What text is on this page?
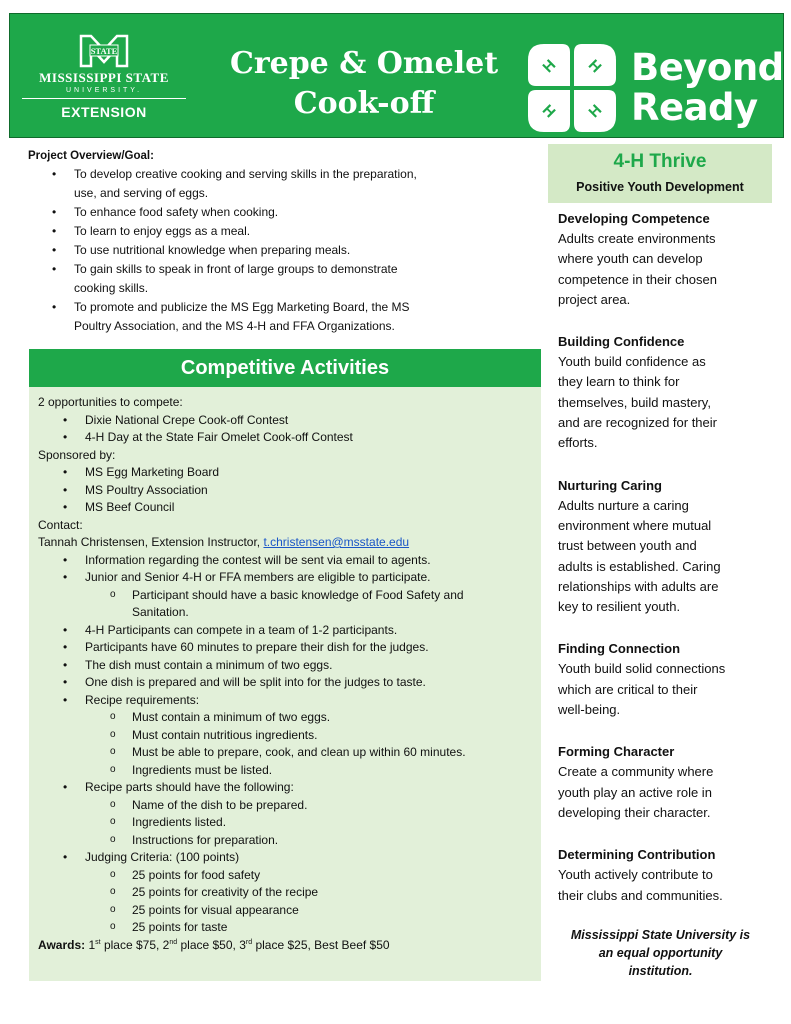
STATE
MISSISSIPPI STATE
UNIVERSITY.
EXTENSION
Crepe & Omelet
Cook-off
H H
H H
Beyond
Ready
Project Overview/Goal:
• To develop creative cooking and serving skills in the preparation,
use, and serving of eggs.
• To enhance food safety when cooking.
• To learn to enjoy eggs as a meal.
• To use nutritional knowledge when preparing meals.
• To gain skills to speak in front of large groups to demonstrate
cooking skills.
• To promote and publicize the MS Egg Marketing Board, the MS
Poultry Association, and the MS 4-H and FFA Organizations.
Competitive Activities
2 opportunities to compete:
• Dixie National Crepe Cook-off Contest
• 4-H Day at the State Fair Omelet Cook-off Contest
Sponsored by:
• MS Egg Marketing Board
• MS Poultry Association
• MS Beef Council
Contact:
Tannah Christensen, Extension Instructor, t.christensen@msstate.edu
• Information regarding the contest will be sent via email to agents.
• Junior and Senior 4-H or FFA members are eligible to participate.
o Participant should have a basic knowledge of Food Safety and
Sanitation.
• 4-H Participants can compete in a team of 1-2 participants.
• Participants have 60 minutes to prepare their dish for the judges.
• The dish must contain a minimum of two eggs.
• One dish is prepared and will be split into for the judges to taste.
• Recipe requirements:
o Must contain a minimum of two eggs.
o Must contain nutritious ingredients.
o Must be able to prepare, cook, and clean up within 60 minutes.
o Ingredients must be listed.
• Recipe parts should have the following:
o Name of the dish to be prepared.
o Ingredients listed.
o Instructions for preparation.
• Judging Criteria: (100 points)
o 25 points for food safety
o 25 points for creativity of the recipe
o 25 points for visual appearance
o 25 points for taste
Awards: 1st place $75, 2nd place $50, 3rd place $25, Best Beef $50
4-H Thrive
Positive Youth Development
Developing Competence
Adults create environments
where youth can develop
competence in their chosen
project area.
Building Confidence
Youth build confidence as
they learn to think for
themselves, build mastery,
and are recognized for their
efforts.
Nurturing Caring
Adults nurture a caring
environment where mutual
trust between youth and
adults is established. Caring
relationships with adults are
key to resilient youth.
Finding Connection
Youth build solid connections
which are critical to their
well-being.
Forming Character
Create a community where
youth play an active role in
developing their character.
Determining Contribution
Youth actively contribute to
their clubs and communities.
Mississippi State University is
an equal opportunity
institution.
